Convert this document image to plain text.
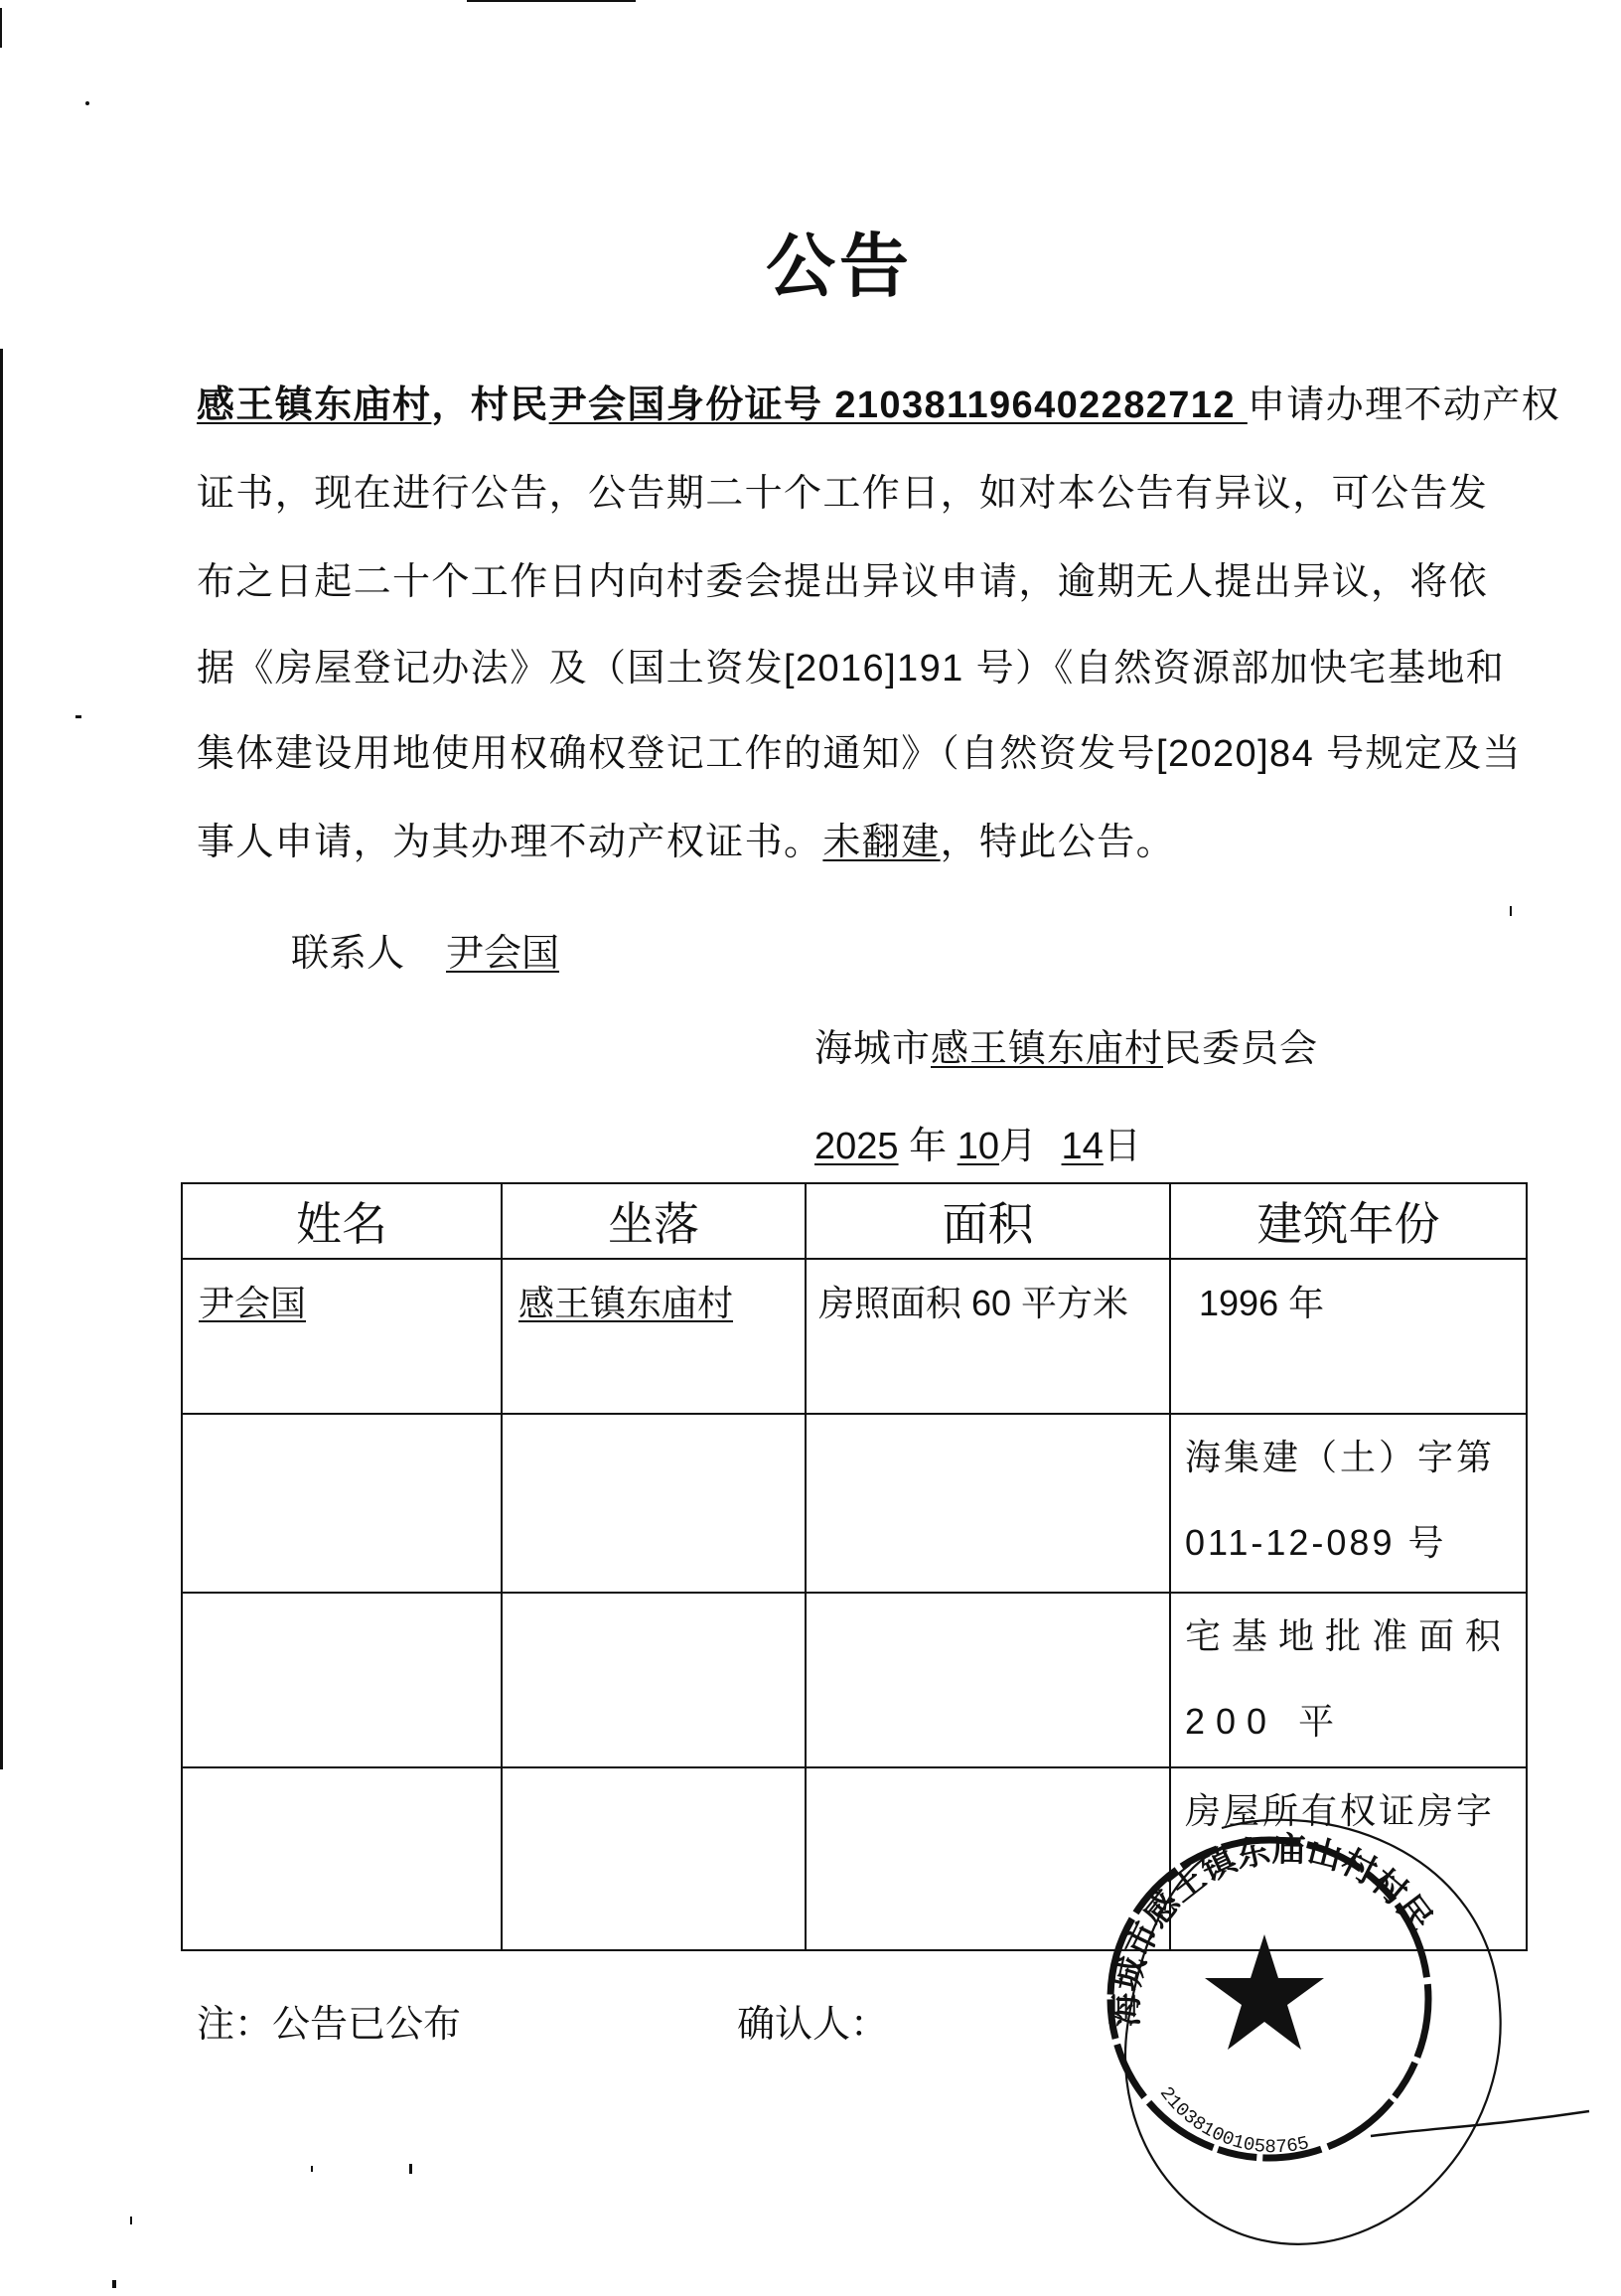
公告
感王镇东庙村，村民尹会国身份证号 210381196402282712 申请办理不动产权
证书，现在进行公告，公告期二十个工作日，如对本公告有异议，可公告发
布之日起二十个工作日内向村委会提出异议申请，逾期无人提出异议，将依
据《房屋登记办法》及（国土资发[2016]191 号）《自然资源部加快宅基地和
集体建设用地使用权确权登记工作的通知》（自然资发号[2020]84 号规定及当
事人申请，为其办理不动产权证书。未翻建，特此公告。
联系人 尹会国
海城市感王镇东庙村民委员会
2025 年 10月 14日
姓名	坐落	面积	建筑年份

尹会国	感王镇东庙村	房照面积 60 平方米	1996 年

			海集建（土）字第 011-12-089 号

			宅基地批准面积 200 平

			房屋所有权证房字
注：公告已公布	确认人：	海城市感王镇东庙山村村民委员会
210381001058765
